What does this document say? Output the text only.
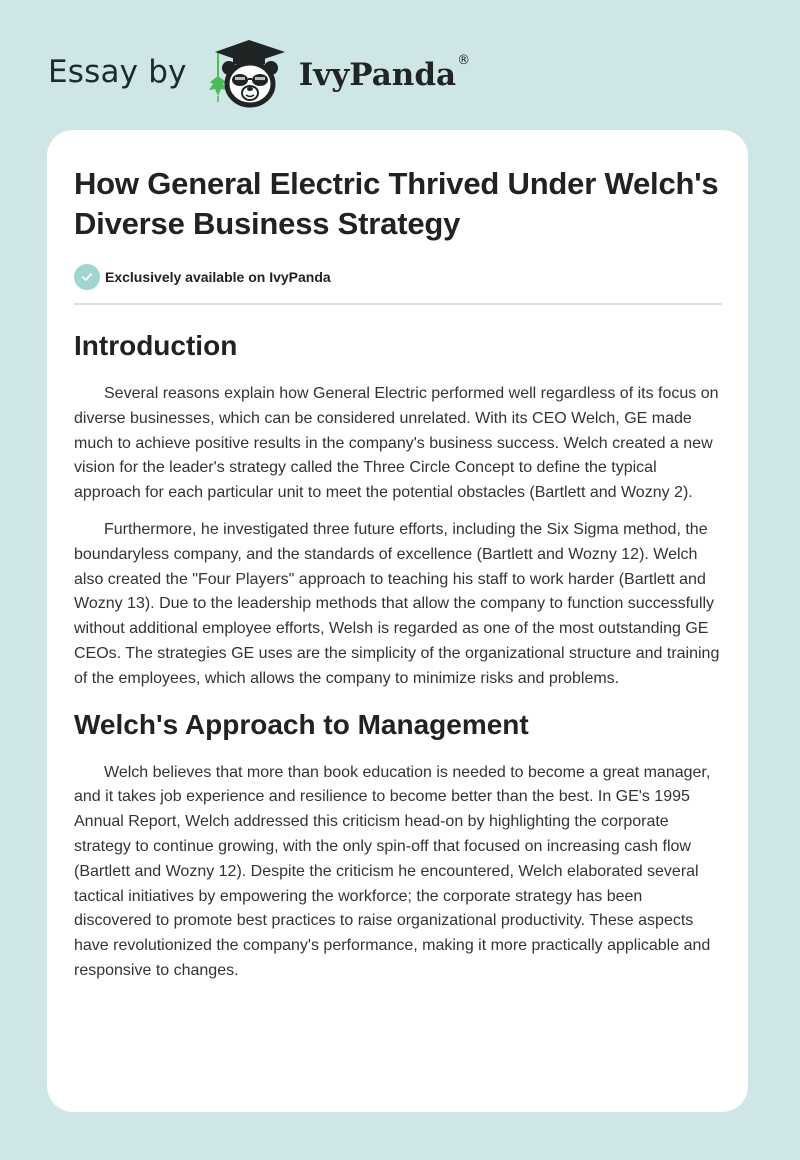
Essay by	IvyPanda®
How General Electric Thrived Under Welch's Diverse Business Strategy
Exclusively available on IvyPanda
Introduction

Several reasons explain how General Electric performed well regardless of its focus on diverse businesses, which can be considered unrelated. With its CEO Welch, GE made much to achieve positive results in the company's business success. Welch created a new vision for the leader's strategy called the Three Circle Concept to define the typical approach for each particular unit to meet the potential obstacles (Bartlett and Wozny 2).

Furthermore, he investigated three future efforts, including the Six Sigma method, the boundaryless company, and the standards of excellence (Bartlett and Wozny 12). Welch also created the "Four Players" approach to teaching his staff to work harder (Bartlett and Wozny 13). Due to the leadership methods that allow the company to function successfully without additional employee efforts, Welsh is regarded as one of the most outstanding GE CEOs. The strategies GE uses are the simplicity of the organizational structure and training of the employees, which allows the company to minimize risks and problems.

Welch's Approach to Management

Welch believes that more than book education is needed to become a great manager, and it takes job experience and resilience to become better than the best. In GE's 1995 Annual Report, Welch addressed this criticism head-on by highlighting the corporate strategy to continue growing, with the only spin-off that focused on increasing cash flow (Bartlett and Wozny 12). Despite the criticism he encountered, Welch elaborated several tactical initiatives by empowering the workforce; the corporate strategy has been discovered to promote best practices to raise organizational productivity. These aspects have revolutionized the company's performance, making it more practically applicable and responsive to changes.
